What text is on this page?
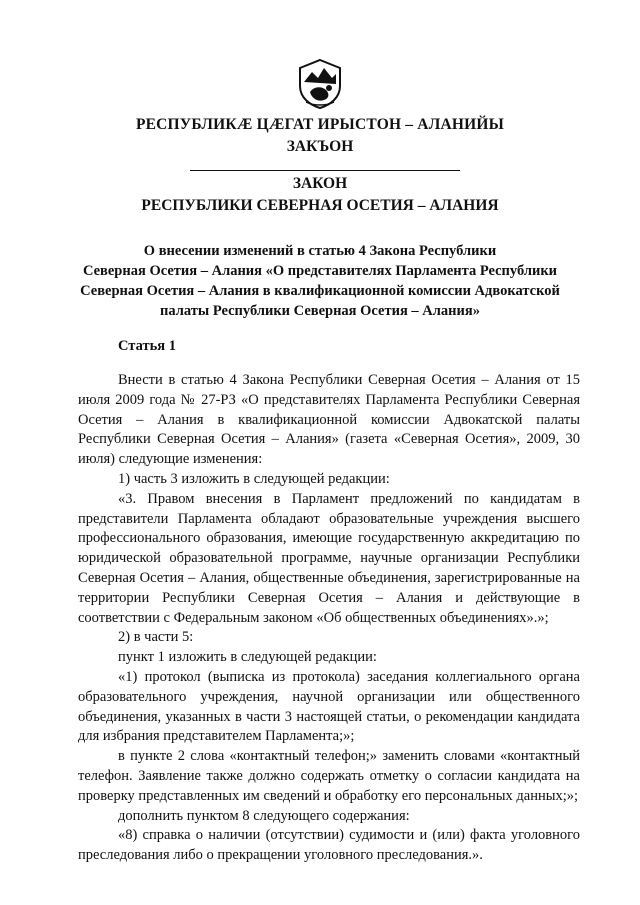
РЕСПУБЛИКӔ ЦӔГАТ ИРЫСТОН – АЛАНИЙЫ
ЗАКЪОН
ЗАКОН
РЕСПУБЛИКИ СЕВЕРНАЯ ОСЕТИЯ – АЛАНИЯ
О внесении изменений в статью 4 Закона Республики
Северная Осетия – Алания «О представителях Парламента Республики
Северная Осетия – Алания в квалификационной комиссии Адвокатской
палаты Республики Северная Осетия – Алания»
Статья 1

Внести в статью 4 Закона Республики Северная Осетия – Алания от 15 июля 2009 года № 27-РЗ «О представителях Парламента Республики Северная Осетия – Алания в квалификационной комиссии Адвокатской палаты Республики Северная Осетия – Алания» (газета «Северная Осетия», 2009, 30 июля) следующие изменения:

1) часть 3 изложить в следующей редакции:

«3. Правом внесения в Парламент предложений по кандидатам в представители Парламента обладают образовательные учреждения высшего профессионального образования, имеющие государственную аккредитацию по юридической образовательной программе, научные организации Республики Северная Осетия – Алания, общественные объединения, зарегистрированные на территории Республики Северная Осетия – Алания и действующие в соответствии с Федеральным законом «Об общественных объединениях».»;

2) в части 5:

пункт 1 изложить в следующей редакции:

«1) протокол (выписка из протокола) заседания коллегиального органа образовательного учреждения, научной организации или общественного объединения, указанных в части 3 настоящей статьи, о рекомендации кандидата для избрания представителем Парламента;»;

в пункте 2 слова «контактный телефон;» заменить словами «контактный телефон. Заявление также должно содержать отметку о согласии кандидата на проверку представленных им сведений и обработку его персональных данных;»;

дополнить пунктом 8 следующего содержания:

«8) справка о наличии (отсутствии) судимости и (или) факта уголовного преследования либо о прекращении уголовного преследования.».
